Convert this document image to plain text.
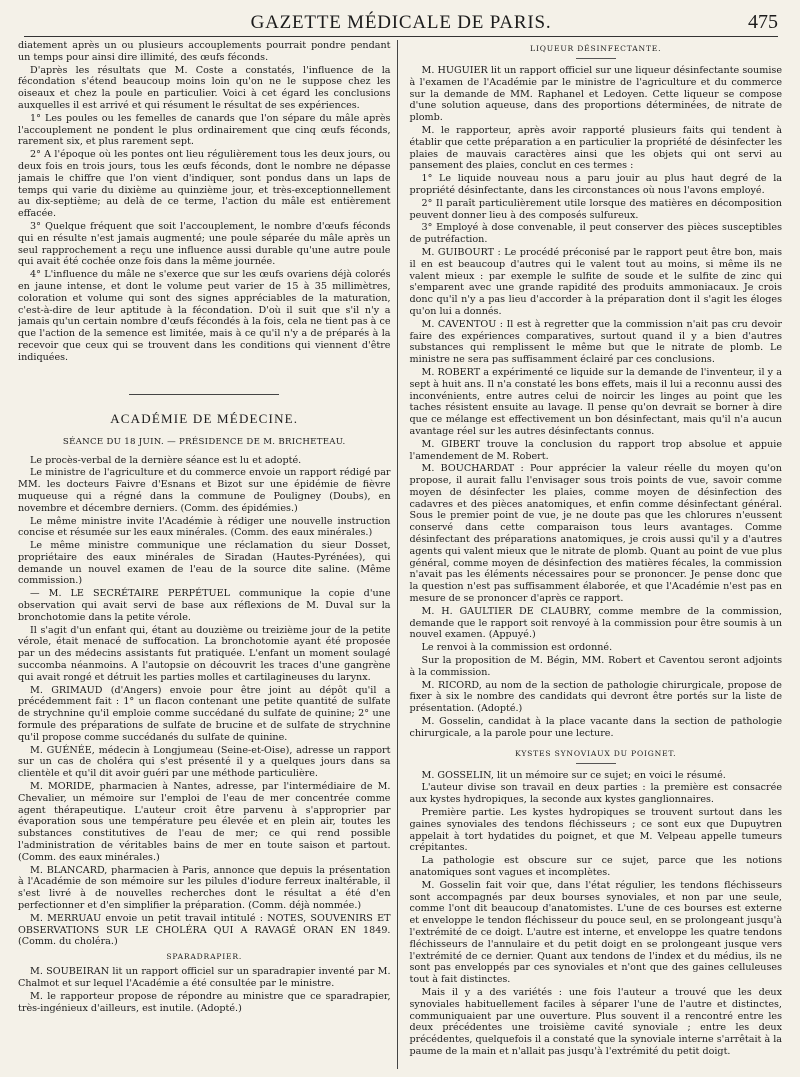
GAZETTE MÉDICALE DE PARIS.	475

diatement après un ou plusieurs accouplements pourrait pondre pendant un temps pour ainsi dire illimité, des œufs féconds.

D'après les résultats que M. Coste a constatés, l'influence de la fécondation s'étend beaucoup moins loin qu'on ne le suppose chez les oiseaux et chez la poule en particulier. Voici à cet égard les conclusions auxquelles il est arrivé et qui résument le résultat de ses expériences.

1° Les poules ou les femelles de canards que l'on sépare du mâle après l'accouplement ne pondent le plus ordinairement que cinq œufs féconds, rarement six, et plus rarement sept.

2° A l'époque où les pontes ont lieu régulièrement tous les deux jours, ou deux fois en trois jours, tous les œufs féconds, dont le nombre ne dépasse jamais le chiffre que l'on vient d'indiquer, sont pondus dans un laps de temps qui varie du dixième au quinzième jour, et très-exceptionnellement au dix-septième; au delà de ce terme, l'action du mâle est entièrement effacée.

3° Quelque fréquent que soit l'accouplement, le nombre d'œufs féconds qui en résulte n'est jamais augmenté; une poule séparée du mâle après un seul rapprochement a reçu une influence aussi durable qu'une autre poule qui avait été cochée onze fois dans la même journée.

4° L'influence du mâle ne s'exerce que sur les œufs ovariens déjà colorés en jaune intense, et dont le volume peut varier de 15 à 35 millimètres, coloration et volume qui sont des signes appréciables de la maturation, c'est-à-dire de leur aptitude à la fécondation. D'où il suit que s'il n'y a jamais qu'un certain nombre d'œufs fécondés à la fois, cela ne tient pas à ce que l'action de la semence est limitée, mais à ce qu'il n'y a de préparés à la recevoir que ceux qui se trouvent dans les conditions qui viennent d'être indiquées.

ACADÉMIE DE MÉDECINE.
SÉANCE DU 18 JUIN. — PRÉSIDENCE DE M. BRICHETEAU.

Le procès-verbal de la dernière séance est lu et adopté.

Le ministre de l'agriculture et du commerce envoie un rapport rédigé par MM. les docteurs Faivre d'Esnans et Bizot sur une épidémie de fièvre muqueuse qui a régné dans la commune de Pouligney (Doubs), en novembre et décembre derniers. (Comm. des épidémies.)

Le même ministre invite l'Académie à rédiger une nouvelle instruction concise et résumée sur les eaux minérales. (Comm. des eaux minérales.)

Le même ministre communique une réclamation du sieur Dosset, propriétaire des eaux minérales de Siradan (Hautes-Pyrénées), qui demande un nouvel examen de l'eau de la source dite saline. (Même commission.)

— M. LE SECRÉTAIRE PERPÉTUEL communique la copie d'une observation qui avait servi de base aux réflexions de M. Duval sur la bronchotomie dans la petite vérole.

Il s'agit d'un enfant qui, étant au douzième ou treizième jour de la petite vérole, était menacé de suffocation. La bronchotomie ayant été proposée par un des médecins assistants fut pratiquée. L'enfant un moment soulagé succomba néanmoins. A l'autopsie on découvrit les traces d'une gangrène qui avait rongé et détruit les parties molles et cartilagineuses du larynx.

M. GRIMAUD (d'Angers) envoie pour être joint au dépôt qu'il a précédemment fait : 1° un flacon contenant une petite quantité de sulfate de strychnine qu'il emploie comme succédané du sulfate de quinine; 2° une formule des préparations de sulfate de brucine et de sulfate de strychnine qu'il propose comme succédanés du sulfate de quinine.

M. GUÉNÉE, médecin à Longjumeau (Seine-et-Oise), adresse un rapport sur un cas de choléra qui s'est présenté il y a quelques jours dans sa clientèle et qu'il dit avoir guéri par une méthode particulière.

M. MORIDE, pharmacien à Nantes, adresse, par l'intermédiaire de M. Chevalier, un mémoire sur l'emploi de l'eau de mer concentrée comme agent thérapeutique. L'auteur croit être parvenu à s'approprier par évaporation sous une température peu élevée et en plein air, toutes les substances constitutives de l'eau de mer; ce qui rend possible l'administration de véritables bains de mer en toute saison et partout. (Comm. des eaux minérales.)

M. BLANCARD, pharmacien à Paris, annonce que depuis la présentation à l'Académie de son mémoire sur les pilules d'iodure ferreux inaltérable, il s'est livré à de nouvelles recherches dont le résultat a été d'en perfectionner et d'en simplifier la préparation. (Comm. déjà nommée.)

M. MERRUAU envoie un petit travail intitulé : NOTES, SOUVENIRS ET OBSERVATIONS SUR LE CHOLÉRA QUI A RAVAGÉ ORAN EN 1849. (Comm. du choléra.)

SPARADRAPIER.

M. SOUBEIRAN lit un rapport officiel sur un sparadrapier inventé par M. Chalmot et sur lequel l'Académie a été consultée par le ministre.

M. le rapporteur propose de répondre au ministre que ce sparadrapier, très-ingénieux d'ailleurs, est inutile. (Adopté.)

LIQUEUR DÉSINFECTANTE.

M. HUGUIER lit un rapport officiel sur une liqueur désinfectante soumise à l'examen de l'Académie par le ministre de l'agriculture et du commerce sur la demande de MM. Raphanel et Ledoyen. Cette liqueur se compose d'une solution aqueuse, dans des proportions déterminées, de nitrate de plomb.

M. le rapporteur, après avoir rapporté plusieurs faits qui tendent à établir que cette préparation a en particulier la propriété de désinfecter les plaies de mauvais caractères ainsi que les objets qui ont servi au pansement des plaies, conclut en ces termes :

1° Le liquide nouveau nous a paru jouir au plus haut degré de la propriété désinfectante, dans les circonstances où nous l'avons employé.

2° Il paraît particulièrement utile lorsque des matières en décomposition peuvent donner lieu à des composés sulfureux.

3° Employé à dose convenable, il peut conserver des pièces susceptibles de putréfaction.

M. GUIBOURT : Le procédé préconisé par le rapport peut être bon, mais il en est beaucoup d'autres qui le valent tout au moins, si même ils ne valent mieux : par exemple le sulfite de soude et le sulfite de zinc qui s'emparent avec une grande rapidité des produits ammoniacaux. Je crois donc qu'il n'y a pas lieu d'accorder à la préparation dont il s'agit les éloges qu'on lui a donnés.

M. CAVENTOU : Il est à regretter que la commission n'ait pas cru devoir faire des expériences comparatives, surtout quand il y a bien d'autres substances qui remplissent le même but que le nitrate de plomb. Le ministre ne sera pas suffisamment éclairé par ces conclusions.

M. ROBERT a expérimenté ce liquide sur la demande de l'inventeur, il y a sept à huit ans. Il n'a constaté les bons effets, mais il lui a reconnu aussi des inconvénients, entre autres celui de noircir les linges au point que les taches résistent ensuite au lavage. Il pense qu'on devrait se borner à dire que ce mélange est effectivement un bon désinfectant, mais qu'il n'a aucun avantage réel sur les autres désinfectants connus.

M. GIBERT trouve la conclusion du rapport trop absolue et appuie l'amendement de M. Robert.

M. BOUCHARDAT : Pour apprécier la valeur réelle du moyen qu'on propose, il aurait fallu l'envisager sous trois points de vue, savoir comme moyen de désinfecter les plaies, comme moyen de désinfection des cadavres et des pièces anatomiques, et enfin comme désinfectant général. Sous le premier point de vue, je ne doute pas que les chlorures n'eussent conservé dans cette comparaison tous leurs avantages. Comme désinfectant des préparations anatomiques, je crois aussi qu'il y a d'autres agents qui valent mieux que le nitrate de plomb. Quant au point de vue plus général, comme moyen de désinfection des matières fécales, la commission n'avait pas les éléments nécessaires pour se prononcer. Je pense donc que la question n'est pas suffisamment élaborée, et que l'Académie n'est pas en mesure de se prononcer d'après ce rapport.

M. H. GAULTIER DE CLAUBRY, comme membre de la commission, demande que le rapport soit renvoyé à la commission pour être soumis à un nouvel examen. (Appuyé.)

Le renvoi à la commission est ordonné.

Sur la proposition de M. Bégin, MM. Robert et Caventou seront adjoints à la commission.

M. RICORD, au nom de la section de pathologie chirurgicale, propose de fixer à six le nombre des candidats qui devront être portés sur la liste de présentation. (Adopté.)

M. Gosselin, candidat à la place vacante dans la section de pathologie chirurgicale, a la parole pour une lecture.

KYSTES SYNOVIAUX DU POIGNET.

M. GOSSELIN, lit un mémoire sur ce sujet; en voici le résumé.

L'auteur divise son travail en deux parties : la première est consacrée aux kystes hydropiques, la seconde aux kystes ganglionnaires.

Première partie. Les kystes hydropiques se trouvent surtout dans les gaines synoviales des tendons fléchisseurs ; ce sont eux que Dupuytren appelait à tort hydatides du poignet, et que M. Velpeau appelle tumeurs crépitantes.

La pathologie est obscure sur ce sujet, parce que les notions anatomiques sont vagues et incomplètes.

M. Gosselin fait voir que, dans l'état régulier, les tendons fléchisseurs sont accompagnés par deux bourses synoviales, et non par une seule, comme l'ont dit beaucoup d'anatomistes. L'une de ces bourses est externe et enveloppe le tendon fléchisseur du pouce seul, en se prolongeant jusqu'à l'extrémité de ce doigt. L'autre est interne, et enveloppe les quatre tendons fléchisseurs de l'annulaire et du petit doigt en se prolongeant jusque vers l'extrémité de ce dernier. Quant aux tendons de l'index et du médius, ils ne sont pas enveloppés par ces synoviales et n'ont que des gaines celluleuses tout à fait distinctes.

Mais il y a des variétés : une fois l'auteur a trouvé que les deux synoviales habituellement faciles à séparer l'une de l'autre et distinctes, communiquaient par une ouverture. Plus souvent il a rencontré entre les deux précédentes une troisième cavité synoviale ; entre les deux précédentes, quelquefois il a constaté que la synoviale interne s'arrêtait à la paume de la main et n'allait pas jusqu'à l'extrémité du petit doigt.
